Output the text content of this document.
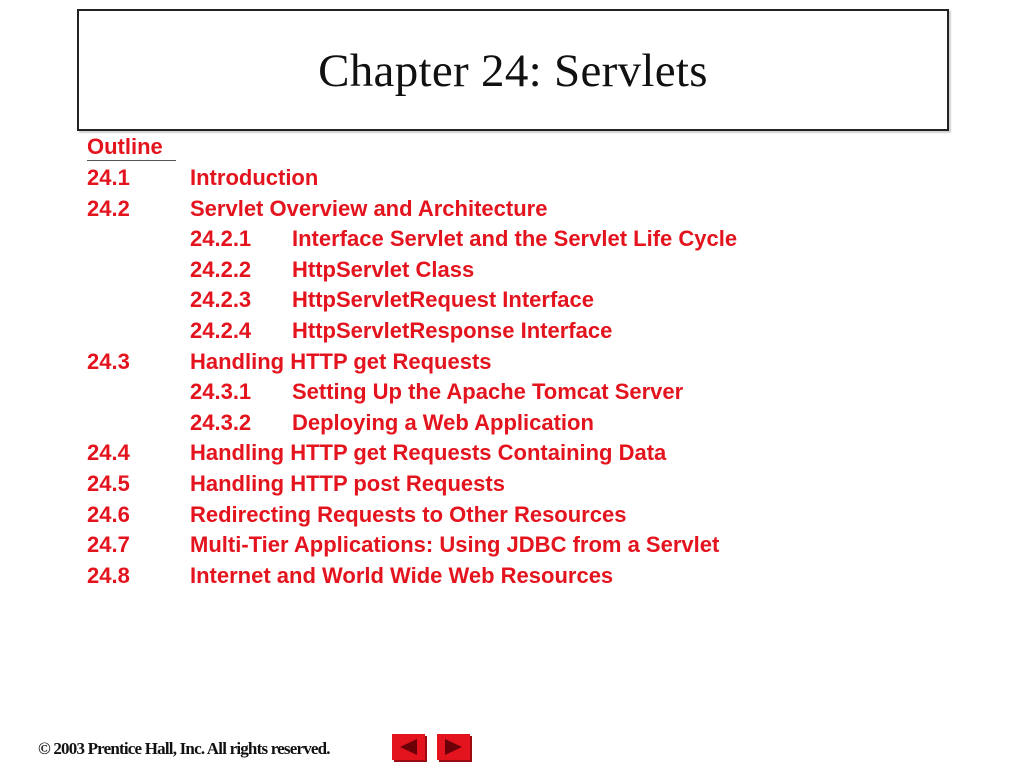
Chapter 24: Servlets
Outline
24.1	Introduction
24.2	Servlet Overview and Architecture
24.2.1 Interface Servlet and the Servlet Life Cycle
24.2.2 HttpServlet Class
24.2.3 HttpServletRequest Interface
24.2.4 HttpServletResponse Interface
24.3	Handling HTTP get Requests
24.3.1 Setting Up the Apache Tomcat Server
24.3.2 Deploying a Web Application
24.4	Handling HTTP get Requests Containing Data
24.5	Handling HTTP post Requests
24.6	Redirecting Requests to Other Resources
24.7	Multi-Tier Applications: Using JDBC from a Servlet
24.8	Internet and World Wide Web Resources
© 2003 Prentice Hall, Inc. All rights reserved.
